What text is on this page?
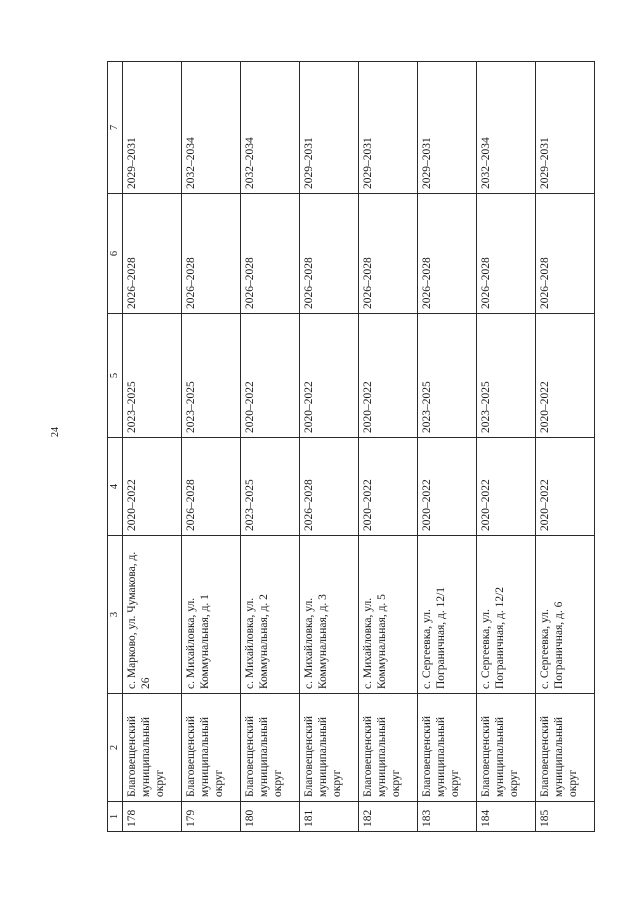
24
1	2	3	4	5	6	7
178	Благовещенский муниципальный округ	с. Марково, ул. Чумакова, д. 26	2020–2022	2023–2025	2026–2028	2029–2031
179	Благовещенский муниципальный округ	с. Михайловка, ул. Коммунальная, д. 1	2026–2028	2023–2025	2026–2028	2032–2034
180	Благовещенский муниципальный округ	с. Михайловка, ул. Коммунальная, д. 2	2023–2025	2020–2022	2026–2028	2032–2034
181	Благовещенский муниципальный округ	с. Михайловка, ул. Коммунальная, д. 3	2026–2028	2020–2022	2026–2028	2029–2031
182	Благовещенский муниципальный округ	с. Михайловка, ул. Коммунальная, д. 5	2020–2022	2020–2022	2026–2028	2029–2031
183	Благовещенский муниципальный округ	с. Сергеевка, ул. Пограничная, д. 12/1	2020–2022	2023–2025	2026–2028	2029–2031
184	Благовещенский муниципальный округ	с. Сергеевка, ул. Пограничная, д. 12/2	2020–2022	2023–2025	2026–2028	2032–2034
185	Благовещенский муниципальный округ	с. Сергеевка, ул. Пограничная, д. 6	2020–2022	2020–2022	2026–2028	2029–2031
